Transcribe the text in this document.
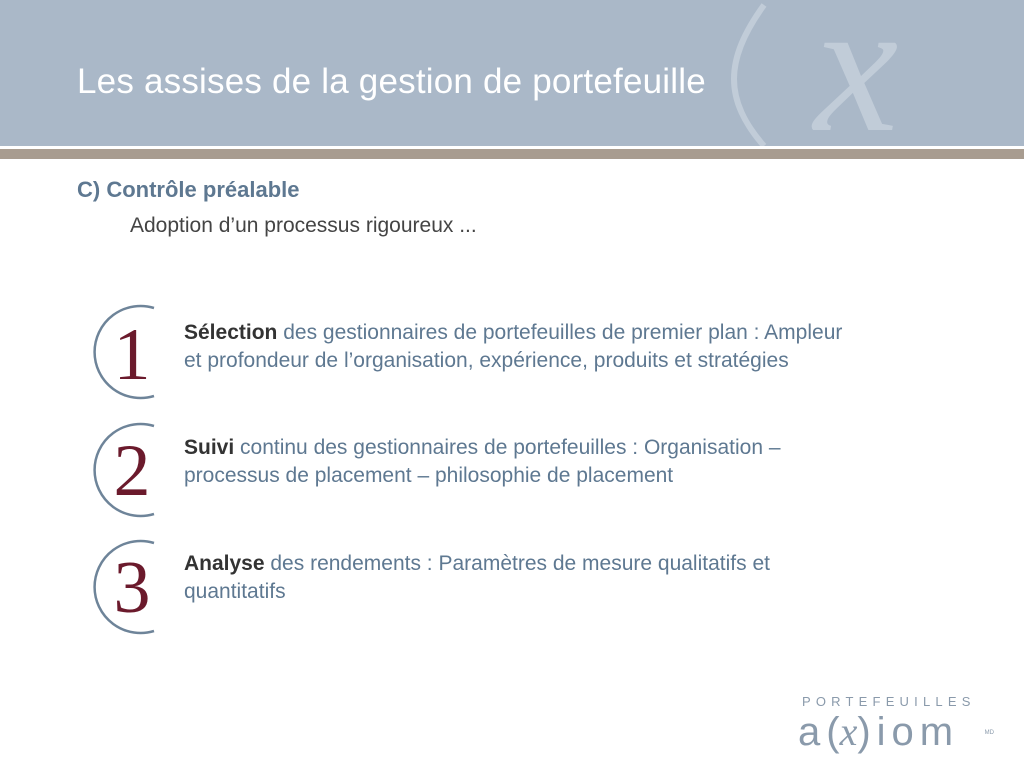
x
Les assises de la gestion de portefeuille
C) Contrôle préalable
Adoption d’un processus rigoureux ...
1	Sélection des gestionnaires de portefeuilles de premier plan : Ampleur et profondeur de l’organisation, expérience, produits et stratégies
2	Suivi continu des gestionnaires de portefeuilles : Organisation – processus de placement – philosophie de placement
3	Analyse des rendements : Paramètres de mesure qualitatifs et quantitatifs
PORTEFEUILLES
a(x)iom	MD
